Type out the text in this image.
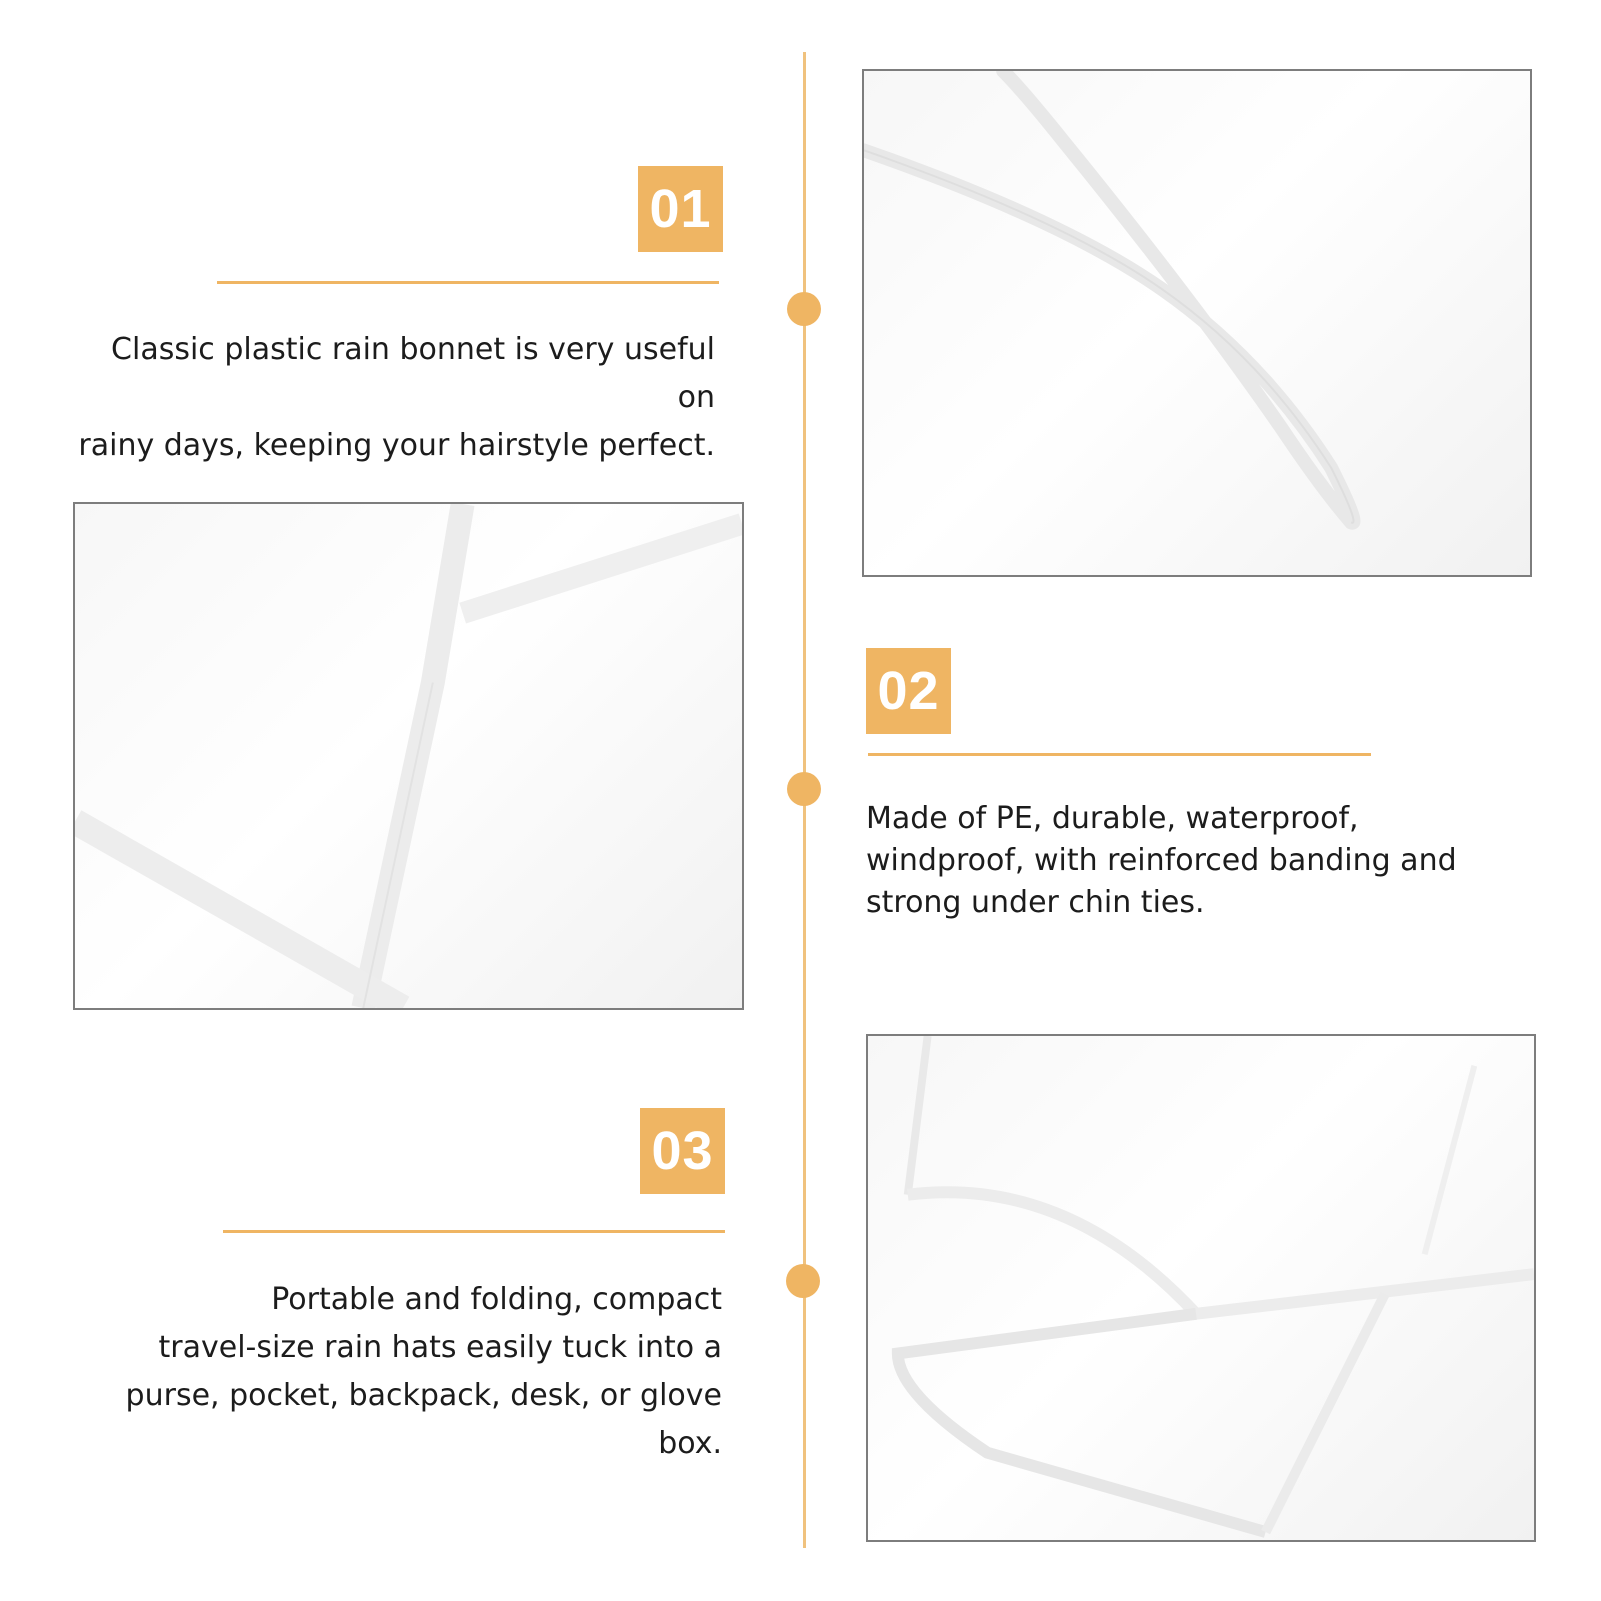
01

Classic plastic rain bonnet is very useful on
rainy days, keeping your hairstyle perfect.

02

Made of PE, durable, waterproof,
windproof, with reinforced banding and
strong under chin ties.

03

Portable and folding, compact
travel-size rain hats easily tuck into a
purse, pocket, backpack, desk, or glove
box.
